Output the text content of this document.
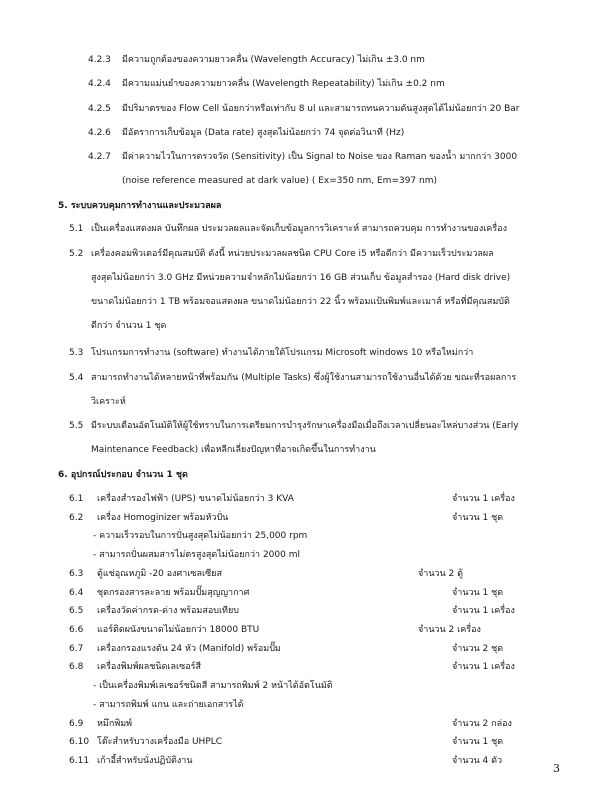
4.2.3 มีความถูกต้องของความยาวคลื่น (Wavelength Accuracy) ไม่เกิน ±3.0 nm
4.2.4 มีความแม่นยำของความยาวคลื่น (Wavelength Repeatability) ไม่เกิน ±0.2 nm
4.2.5 มีปริมาตรของ Flow Cell น้อยกว่าหรือเท่ากับ 8 ul และสามารถทนความดันสูงสุดได้ไม่น้อยกว่า 20 Bar
4.2.6 มีอัตราการเก็บข้อมูล (Data rate) สูงสุดไม่น้อยกว่า 74 จุดต่อวินาที (Hz)
4.2.7 มีค่าความไวในการตรวจวัด (Sensitivity) เป็น Signal to Noise ของ Raman ของน้ำ มากกว่า 3000
(noise reference measured at dark value) ( Ex=350 nm, Em=397 nm)
5. ระบบควบคุมการทำงานและประมวลผล
5.1 เป็นเครื่องแสดงผล บันทึกผล ประมวลผลและจัดเก็บข้อมูลการวิเคราะห์ สามารถควบคุม การทำงานของเครื่อง
5.2 เครื่องคอมพิวเตอร์มีคุณสมบัติ ดังนี้ หน่วยประมวลผลชนิด CPU Core i5 หรือดีกว่า มีความเร็วประมวลผล
สูงสุดไม่น้อยกว่า 3.0 GHz มีหน่วยความจำหลักไม่น้อยกว่า 16 GB ส่วนเก็บ ข้อมูลสำรอง (Hard disk drive)
ขนาดไม่น้อยกว่า 1 TB พร้อมจอแสดงผล ขนาดไม่น้อยกว่า 22 นิ้ว พร้อมแป้นพิมพ์และเมาส์ หรือที่มีคุณสมบัติ
ดีกว่า จำนวน 1 ชุด
5.3 โปรแกรมการทำงาน (software) ทำงานได้ภายใต้โปรแกรม Microsoft windows 10 หรือใหม่กว่า
5.4 สามารถทำงานได้หลายหน้าที่พร้อมกัน (Multiple Tasks) ซึ่งผู้ใช้งานสามารถใช้งานอื่นได้ด้วย ขณะที่รอผลการ
วิเคราะห์
5.5 มีระบบเตือนอัตโนมัติให้ผู้ใช้ทราบในการเตรียมการบำรุงรักษาเครื่องมือเมื่อถึงเวลาเปลี่ยนอะไหล่บางส่วน (Early
Maintenance Feedback) เพื่อหลีกเลี่ยงปัญหาที่อาจเกิดขึ้นในการทำงาน
6. อุปกรณ์ประกอบ จำนวน 1 ชุด
6.1 เครื่องสำรองไฟฟ้า (UPS) ขนาดไม่น้อยกว่า 3 KVA	จำนวน 1 เครื่อง
6.2 เครื่อง Homoginizer พร้อมหัวปั่น	จำนวน 1 ชุด
- ความเร็วรอบในการปั่นสูงสุดไม่น้อยกว่า 25,000 rpm
- สามารถปั่นผสมสารไม่ตรสูงสุดไม่น้อยกว่า 2000 ml
6.3 ตู้แช่อุณหภูมิ -20 องศาเซลเซียส	จำนวน 2 ตู้
6.4 ชุดกรองสารละลาย พร้อมปั๊มสุญญากาศ	จำนวน 1 ชุด
6.5 เครื่องวัดค่ากรด-ด่าง พร้อมสอบเทียบ	จำนวน 1 เครื่อง
6.6 แอร์ติดผนังขนาดไม่น้อยกว่า 18000 BTU	จำนวน 2 เครื่อง
6.7 เครื่องกรองแรงดัน 24 หัว (Manifold) พร้อมปั๊ม	จำนวน 2 ชุด
6.8 เครื่องพิมพ์ผลชนิดเลเซอร์สี	จำนวน 1 เครื่อง
- เป็นเครื่องพิมพ์เลเซอร์ชนิดสี สามารถพิมพ์ 2 หน้าได้อัตโนมัติ
- สามารถพิมพ์ แกน และถ่ายเอกสารได้
6.9 หมึกพิมพ์	จำนวน 2 กล่อง
6.10 โต๊ะสำหรับวางเครื่องมือ UHPLC	จำนวน 1 ชุด
6.11 เก้าอี้สำหรับนั่งปฏิบัติงาน	จำนวน 4 ตัว
3
